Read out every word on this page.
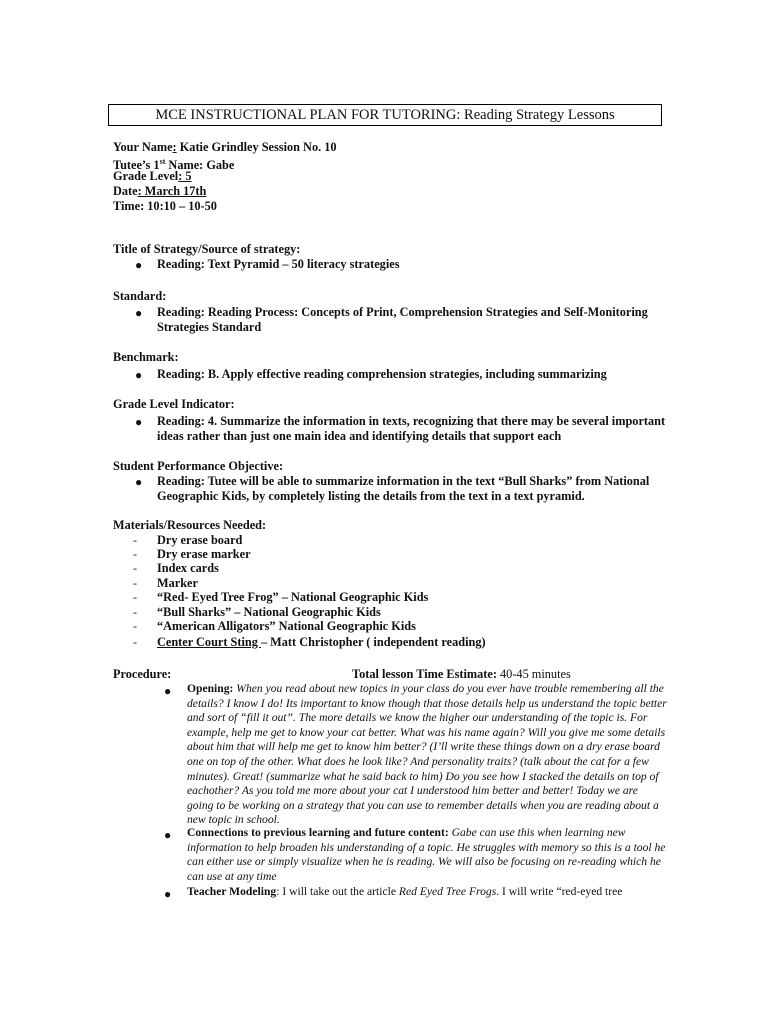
MCE INSTRUCTIONAL PLAN FOR TUTORING: Reading Strategy Lessons
Your Name: Katie Grindley Session No. 10
Tutee’s 1st Name: Gabe
Grade Level: 5
Date: March 17th
Time: 10:10 – 10-50
Title of Strategy/Source of strategy:
● Reading: Text Pyramid – 50 literacy strategies
Standard:
● Reading: Reading Process: Concepts of Print, Comprehension Strategies and Self-Monitoring Strategies Standard
Benchmark:
● Reading: B. Apply effective reading comprehension strategies, including summarizing
Grade Level Indicator:
● Reading: 4. Summarize the information in texts, recognizing that there may be several important ideas rather than just one main idea and identifying details that support each
Student Performance Objective:
● Reading: Tutee will be able to summarize information in the text “Bull Sharks” from National Geographic Kids, by completely listing the details from the text in a text pyramid.
Materials/Resources Needed:
- Dry erase board
- Dry erase marker
- Index cards
- Marker
- “Red- Eyed Tree Frog” – National Geographic Kids
- “Bull Sharks” – National Geographic Kids
- “American Alligators” National Geographic Kids
- Center Court Sting – Matt Christopher ( independent reading)
Procedure:	Total lesson Time Estimate: 40-45 minutes
● Opening: When you read about new topics in your class do you ever have trouble remembering all the details? I know I do! Its important to know though that those details help us understand the topic better and sort of “fill it out”. The more details we know the higher our understanding of the topic is. For example, help me get to know your cat better. What was his name again? Will you give me some details about him that will help me get to know him better? (I’ll write these things down on a dry erase board one on top of the other. What does he look like? And personality traits? (talk about the cat for a few minutes). Great! (summarize what he said back to him) Do you see how I stacked the details on top of eachother? As you told me more about your cat I understood him better and better! Today we are going to be working on a strategy that you can use to remember details when you are reading about a new topic in school.
● Connections to previous learning and future content: Gabe can use this when learning new information to help broaden his understanding of a topic. He struggles with memory so this is a tool he can either use or simply visualize when he is reading. We will also be focusing on re-reading which he can use at any time
● Teacher Modeling: I will take out the article Red Eyed Tree Frogs. I will write “red-eyed tree
